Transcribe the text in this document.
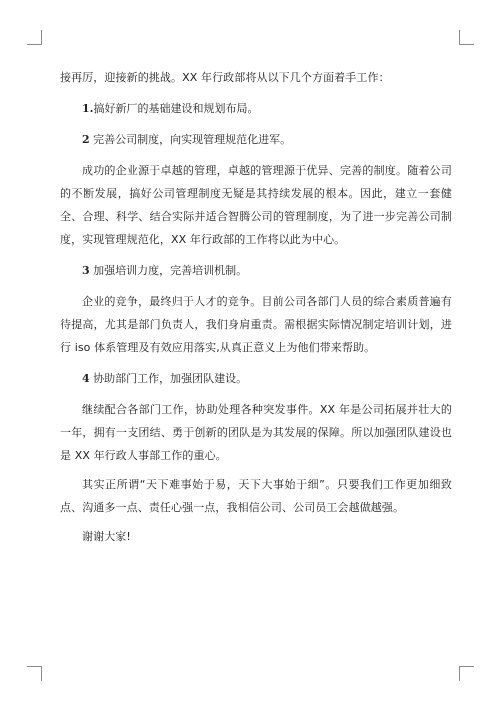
接再厉，迎接新的挑战。XX 年行政部将从以下几个方面着手工作：

1.搞好新厂的基础建设和规划布局。
2 完善公司制度，向实现管理规范化进军。

成功的企业源于卓越的管理，卓越的管理源于优异、完善的制度。随着公司的不断发展，搞好公司管理制度无疑是其持续发展的根本。因此，建立一套健全、合理、科学、结合实际并适合智腾公司的管理制度，为了进一步完善公司制度，实现管理规范化，XX 年行政部的工作将以此为中心。

3 加强培训力度，完善培训机制。

企业的竞争，最终归于人才的竞争。目前公司各部门人员的综合素质普遍有待提高，尤其是部门负责人，我们身肩重责。需根据实际情况制定培训计划，进行 iso 体系管理及有效应用落实,从真正意义上为他们带来帮助。

4 协助部门工作，加强团队建设。

继续配合各部门工作，协助处理各种突发事件。XX 年是公司拓展并壮大的一年，拥有一支团结、勇于创新的团队是为其发展的保障。所以加强团队建设也是 XX 年行政人事部工作的重心。

其实正所谓“天下难事始于易，天下大事始于细”。只要我们工作更加细致点、沟通多一点、责任心强一点，我相信公司、公司员工会越做越强。

谢谢大家!
